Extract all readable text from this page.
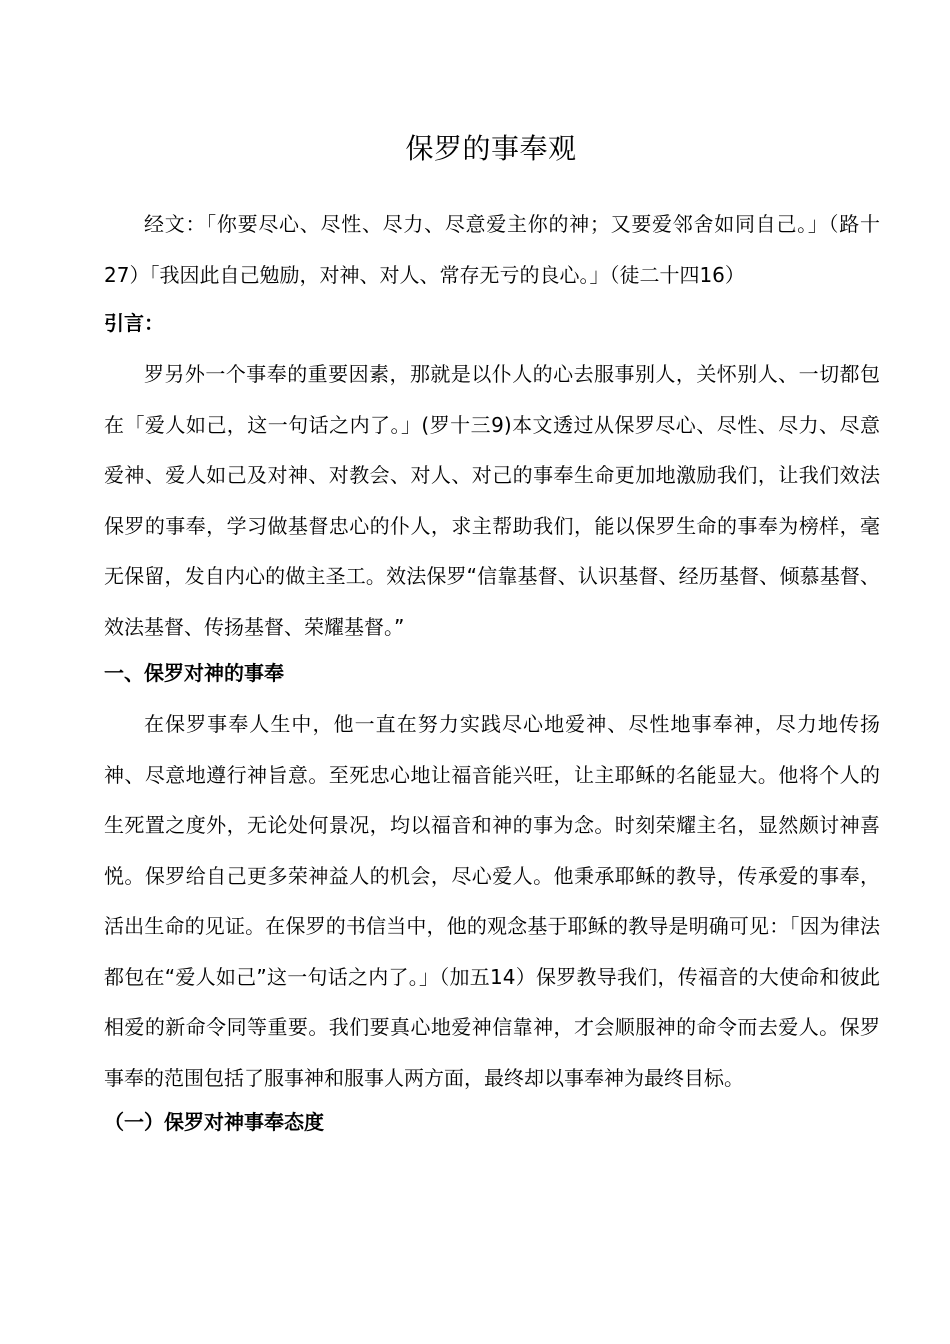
保罗的事奉观
经文：「你要尽心、尽性、尽力、尽意爱主你的神；又要爱邻舍如同自己。」（路十27）「我因此自己勉励，对神、对人、常存无亏的良心。」（徒二十四16）
引言：
罗另外一个事奉的重要因素，那就是以仆人的心去服事别人，关怀别人、一切都包在「爱人如己，这一句话之内了。」(罗十三9)本文透过从保罗尽心、尽性、尽力、尽意爱神、爱人如己及对神、对教会、对人、对己的事奉生命更加地激励我们，让我们效法保罗的事奉，学习做基督忠心的仆人，求主帮助我们，能以保罗生命的事奉为榜样，毫无保留，发自内心的做主圣工。效法保罗“信靠基督、认识基督、经历基督、倾慕基督、效法基督、传扬基督、荣耀基督。”
一、保罗对神的事奉
在保罗事奉人生中，他一直在努力实践尽心地爱神、尽性地事奉神，尽力地传扬神、尽意地遵行神旨意。至死忠心地让福音能兴旺，让主耶稣的名能显大。他将个人的生死置之度外，无论处何景况，均以福音和神的事为念。时刻荣耀主名，显然颇讨神喜悦。保罗给自己更多荣神益人的机会，尽心爱人。他秉承耶稣的教导，传承爱的事奉，活出生命的见证。在保罗的书信当中，他的观念基于耶稣的教导是明确可见：「因为律法都包在“爱人如己”这一句话之内了。」（加五14）保罗教导我们，传福音的大使命和彼此相爱的新命令同等重要。我们要真心地爱神信靠神，才会顺服神的命令而去爱人。保罗事奉的范围包括了服事神和服事人两方面，最终却以事奉神为最终目标。
（一）保罗对神事奉态度
